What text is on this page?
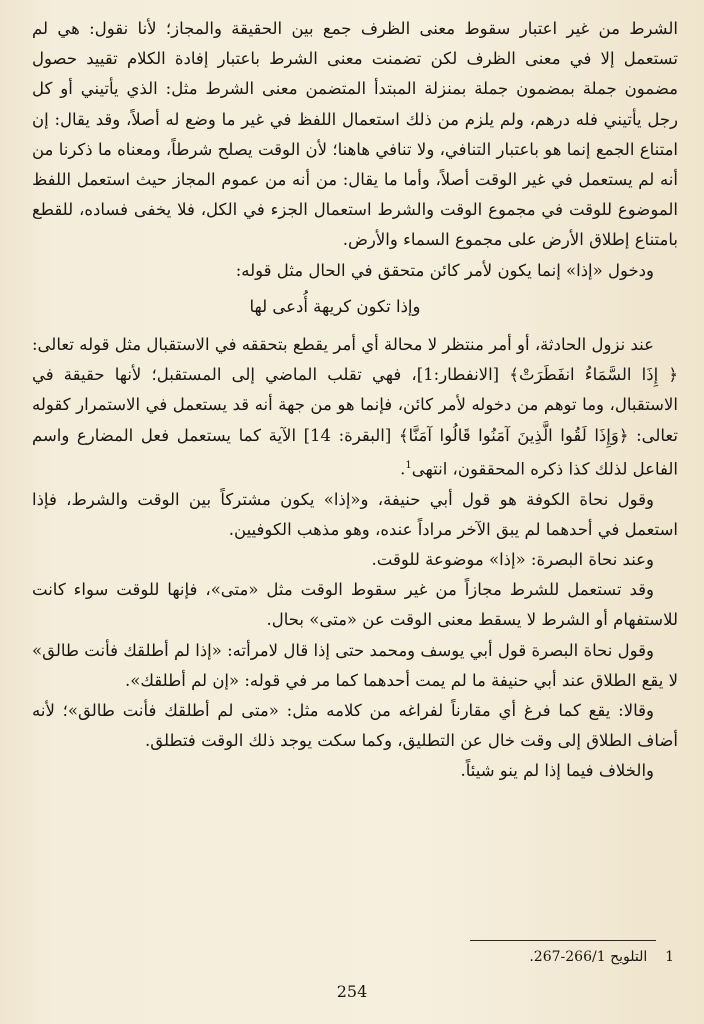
الشرط من غير اعتبار سقوط معنى الظرف جمع بين الحقيقة والمجاز؛ لأنا نقول: هي لم تستعمل إلا في معنى الظرف لكن تضمنت معنى الشرط باعتبار إفادة الكلام تقييد حصول مضمون جملة بمضمون جملة بمنزلة المبتدأ المتضمن معنى الشرط مثل: الذي يأتيني أو كل رجل يأتيني فله درهم، ولم يلزم من ذلك استعمال اللفظ في غير ما وضع له أصلاً، وقد يقال: إن امتناع الجمع إنما هو باعتبار التنافي، ولا تنافي هاهنا؛ لأن الوقت يصلح شرطاً، ومعناه ما ذكرنا من أنه لم يستعمل في غير الوقت أصلاً، وأما ما يقال: من أنه من عموم المجاز حيث استعمل اللفظ الموضوع للوقت في مجموع الوقت والشرط استعمال الجزء في الكل، فلا يخفى فساده، للقطع بامتناع إطلاق الأرض على مجموع السماء والأرض.

ودخول «إذا» إنما يكون لأمر كائن متحقق في الحال مثل قوله:

وإذا تكون كريهة أُدعى لها

عند نزول الحادثة، أو أمر منتظر لا محالة أي أمر يقطع بتحققه في الاستقبال مثل قوله تعالى: ﴿ إِذَا السَّمَاءُ انفَطَرَتْ﴾ [الانفطار:1]، فهي تقلب الماضي إلى المستقبل؛ لأنها حقيقة في الاستقبال، وما توهم من دخوله لأمر كائن، فإنما هو من جهة أنه قد يستعمل في الاستمرار كقوله تعالى: ﴿وَإِذَا لَقُوا الَّذِينَ آمَنُوا قَالُوا آمَنَّا﴾ [البقرة: 14] الآية كما يستعمل فعل المضارع واسم الفاعل لذلك كذا ذكره المحققون، انتهى$^1$.

وقول نحاة الكوفة هو قول أبي حنيفة، و«إذا» يكون مشتركاً بين الوقت والشرط، فإذا استعمل في أحدهما لم يبق الآخر مراداً عنده، وهو مذهب الكوفيين.

وعند نحاة البصرة: «إذا» موضوعة للوقت.

وقد تستعمل للشرط مجازاً من غير سقوط الوقت مثل «متى»، فإنها للوقت سواء كانت للاستفهام أو الشرط لا يسقط معنى الوقت عن «متى» بحال.

وقول نحاة البصرة قول أبي يوسف ومحمد حتى إذا قال لامرأته: «إذا لم أطلقك فأنت طالق» لا يقع الطلاق عند أبي حنيفة ما لم يمت أحدهما كما مر في قوله: «إن لم أطلقك».

وقالا: يقع كما فرغ أي مقارناً لفراغه من كلامه مثل: «متى لم أطلقك فأنت طالق»؛ لأنه أضاف الطلاق إلى وقت خال عن التطليق، وكما سكت يوجد ذلك الوقت فتطلق.

والخلاف فيما إذا لم ينو شيئاً.

1    التلويح 266/1-267.
254
